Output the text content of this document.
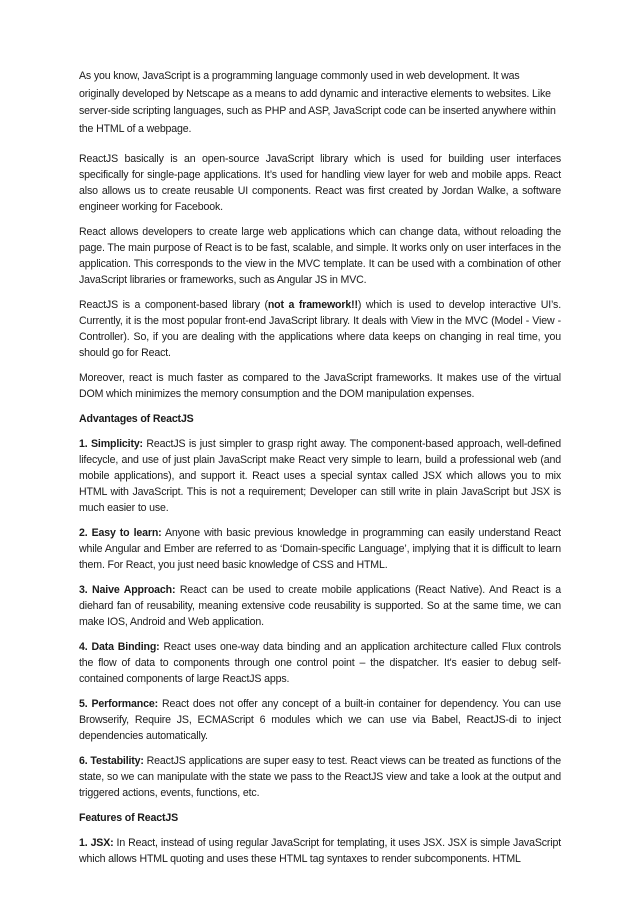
As you know, JavaScript is a programming language commonly used in web development. It was originally developed by Netscape as a means to add dynamic and interactive elements to websites. Like server-side scripting languages, such as PHP and ASP, JavaScript code can be inserted anywhere within the HTML of a webpage.

ReactJS basically is an open-source JavaScript library which is used for building user interfaces specifically for single-page applications. It’s used for handling view layer for web and mobile apps. React also allows us to create reusable UI components. React was first created by Jordan Walke, a software engineer working for Facebook.

React allows developers to create large web applications which can change data, without reloading the page. The main purpose of React is to be fast, scalable, and simple. It works only on user interfaces in the application. This corresponds to the view in the MVC template. It can be used with a combination of other JavaScript libraries or frameworks, such as Angular JS in MVC.

ReactJS is a component-based library (not a framework!!) which is used to develop interactive UI’s. Currently, it is the most popular front-end JavaScript library. It deals with View in the MVC (Model - View - Controller). So, if you are dealing with the applications where data keeps on changing in real time, you should go for React.

Moreover, react is much faster as compared to the JavaScript frameworks. It makes use of the virtual DOM which minimizes the memory consumption and the DOM manipulation expenses.

Advantages of ReactJS

1. Simplicity: ReactJS is just simpler to grasp right away. The component-based approach, well-defined lifecycle, and use of just plain JavaScript make React very simple to learn, build a professional web (and mobile applications), and support it. React uses a special syntax called JSX which allows you to mix HTML with JavaScript. This is not a requirement; Developer can still write in plain JavaScript but JSX is much easier to use.

2. Easy to learn: Anyone with basic previous knowledge in programming can easily understand React while Angular and Ember are referred to as ‘Domain-specific Language’, implying that it is difficult to learn them. For React, you just need basic knowledge of CSS and HTML.

3. Naive Approach: React can be used to create mobile applications (React Native). And React is a diehard fan of reusability, meaning extensive code reusability is supported. So at the same time, we can make IOS, Android and Web application.

4. Data Binding: React uses one-way data binding and an application architecture called Flux controls the flow of data to components through one control point – the dispatcher. It's easier to debug self-contained components of large ReactJS apps.

5. Performance: React does not offer any concept of a built-in container for dependency. You can use Browserify, Require JS, ECMAScript 6 modules which we can use via Babel, ReactJS-di to inject dependencies automatically.

6. Testability: ReactJS applications are super easy to test. React views can be treated as functions of the state, so we can manipulate with the state we pass to the ReactJS view and take a look at the output and triggered actions, events, functions, etc.

Features of ReactJS

1. JSX: In React, instead of using regular JavaScript for templating, it uses JSX. JSX is simple JavaScript which allows HTML quoting and uses these HTML tag syntaxes to render subcomponents. HTML
